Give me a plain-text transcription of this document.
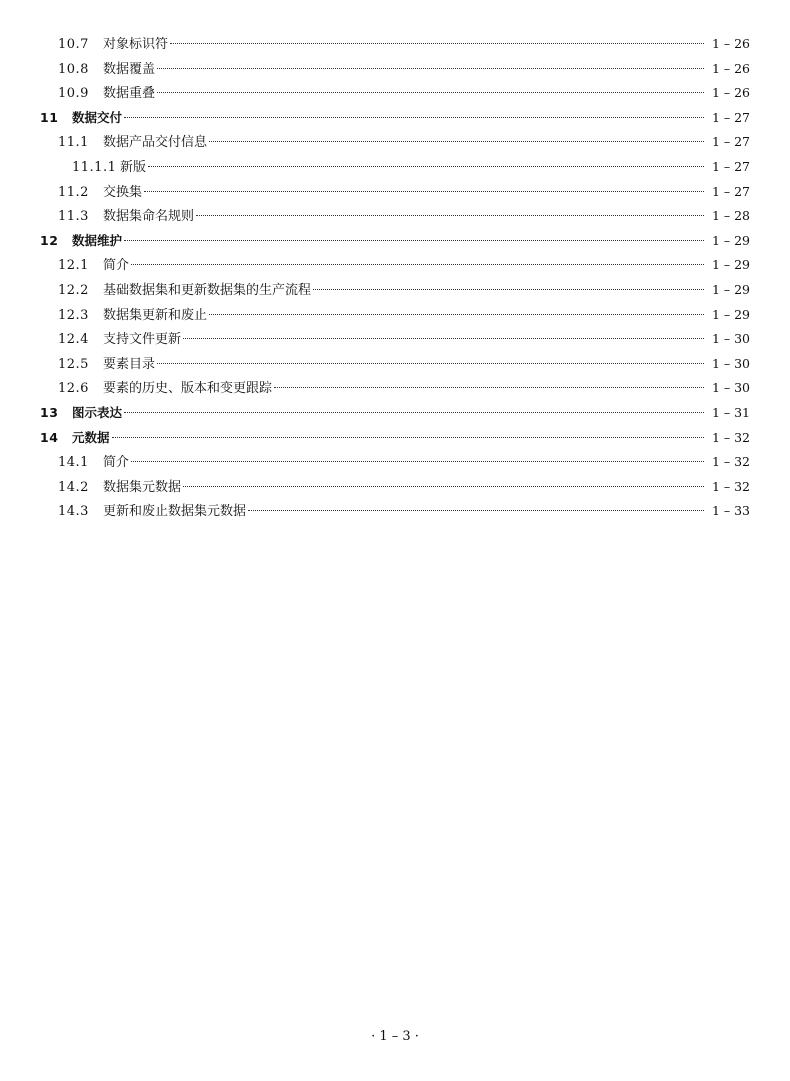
10.7	对象标识符	1 – 26
10.8	数据覆盖	1 – 26
10.9	数据重叠	1 – 26
11	数据交付	1 – 27
11.1	数据产品交付信息	1 – 27
11.1.1 新版	1 – 27
11.2	交换集	1 – 27
11.3	数据集命名规则	1 – 28
12	数据维护	1 – 29
12.1	简介	1 – 29
12.2	基础数据集和更新数据集的生产流程	1 – 29
12.3	数据集更新和废止	1 – 29
12.4	支持文件更新	1 – 30
12.5	要素目录	1 – 30
12.6	要素的历史、版本和变更跟踪	1 – 30
13	图示表达	1 – 31
14	元数据	1 – 32
14.1	简介	1 – 32
14.2	数据集元数据	1 – 32
14.3	更新和废止数据集元数据	1 – 33
· 1 – 3 ·
